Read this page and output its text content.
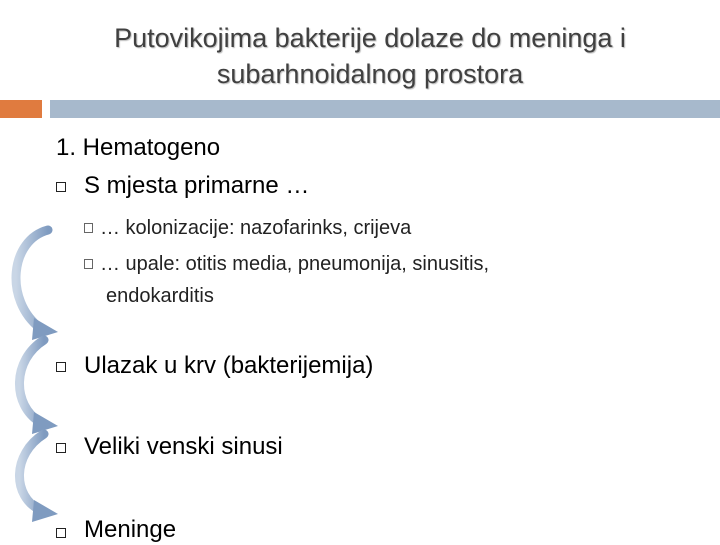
Putovikojima bakterije dolaze do meninga i
subarhnoidalnog prostora
1. Hematogeno
S mjesta primarne …
… kolonizacije: nazofarinks, crijeva
… upale: otitis media, pneumonija, sinusitis,
endokarditis
Ulazak u krv (bakterijemija)
Veliki venski sinusi
Meninge
